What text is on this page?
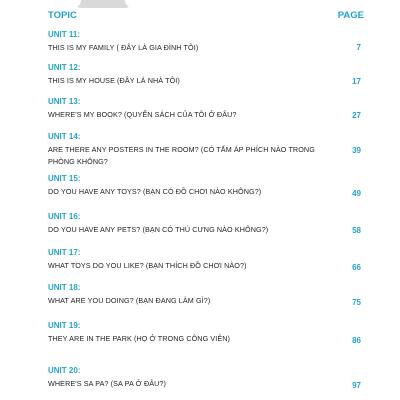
TOPIC	PAGE
UNIT 11:
THIS IS MY FAMILY ( ĐÂY LÀ GIA ĐÌNH TÔI)	7
UNIT 12:
THIS IS MY HOUSE (ĐÂY LÀ NHÀ TÔI)	17
UNIT 13:
WHERE'S MY BOOK? (QUYỂN SÁCH CỦA TÔI Ở ĐÂU?	27
UNIT 14:
ARE THERE ANY POSTERS IN THE ROOM? (CÓ TẤM ÁP PHÍCH NÀO TRONG PHÒNG KHÔNG?
39
UNIT 15:
DO YOU HAVE ANY TOYS? (BẠN CÓ ĐỒ CHƠI NÀO KHÔNG?)	49
UNIT 16:
DO YOU HAVE ANY PETS? (BẠN CÓ THÚ CƯNG NÀO KHÔNG?)	58
UNIT 17:
WHAT TOYS DO YOU LIKE? (BẠN THÍCH ĐỒ CHƠI NÀO?)	66
UNIT 18:
WHAT ARE YOU DOING? (BẠN ĐANG LÀM GÌ?)	75
UNIT 19:
THEY ARE IN THE PARK (HỌ Ở TRONG CÔNG VIÊN)	86
UNIT 20:
WHERE'S SA PA? (SA PA Ở ĐÂU?)	97
